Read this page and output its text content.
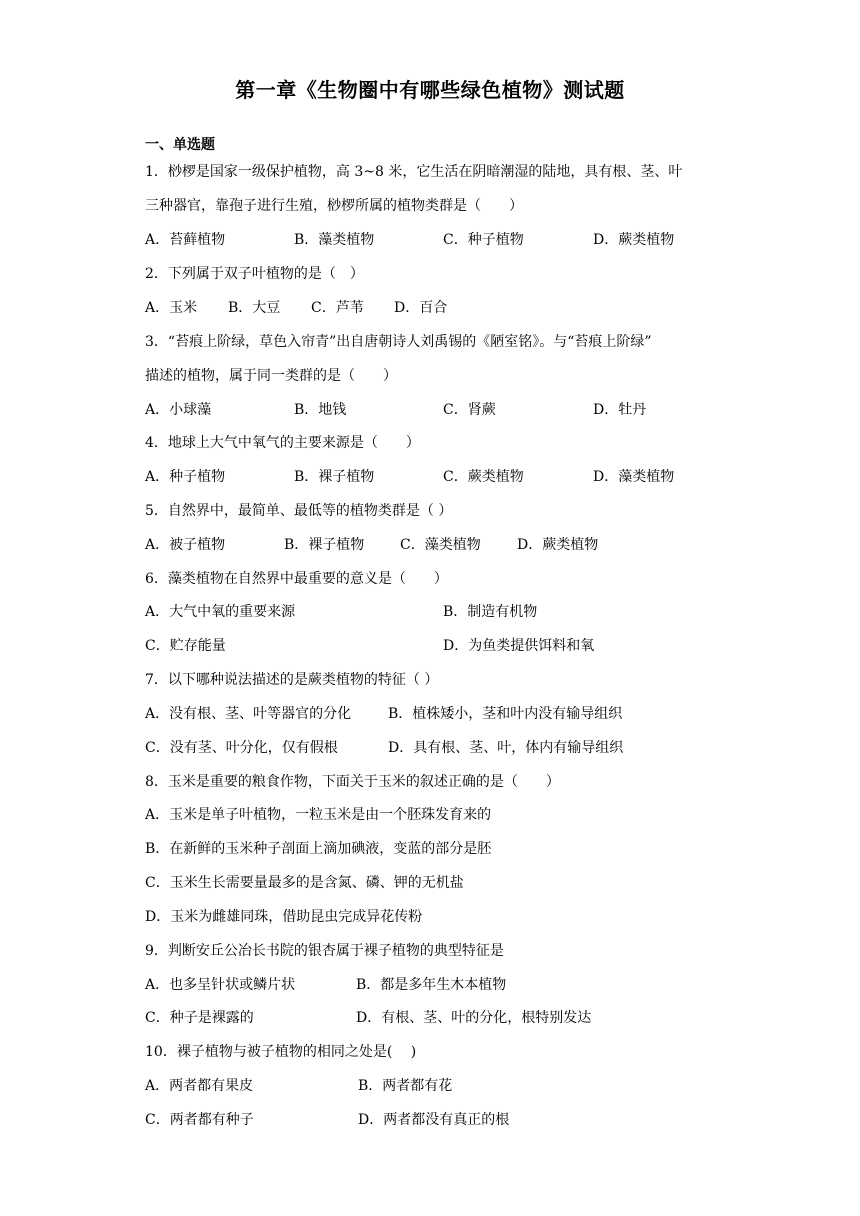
第一章《生物圈中有哪些绿色植物》测试题
一、单选题
1．桫椤是国家一级保护植物，高 3~8 米，它生活在阴暗潮湿的陆地，具有根、茎、叶
三种器官，靠孢子进行生殖，桫椤所属的植物类群是（　　）
A．苔藓植物	B．藻类植物	C．种子植物	D．蕨类植物
2．下列属于双子叶植物的是（　）
A．玉米 B．大豆 C．芦苇 D．百合
3．“苔痕上阶绿，草色入帘青”出自唐朝诗人刘禹锡的《陋室铭》。与“苔痕上阶绿”
描述的植物，属于同一类群的是（　　）
A．小球藻	B．地钱	C．肾蕨	D．牡丹
4．地球上大气中氧气的主要来源是（　　）
A．种子植物	B．裸子植物	C．蕨类植物	D．藻类植物
5．自然界中，最简单、最低等的植物类群是（ ）
A．被子植物	B．裸子植物	C．藻类植物	D．蕨类植物
6．藻类植物在自然界中最重要的意义是（　　）
A．大气中氧的重要来源	B．制造有机物
C．贮存能量	D．为鱼类提供饵料和氧
7．以下哪种说法描述的是蕨类植物的特征（ ）
A．没有根、茎、叶等器官的分化	B．植株矮小，茎和叶内没有输导组织
C．没有茎、叶分化，仅有假根	D．具有根、茎、叶，体内有输导组织
8．玉米是重要的粮食作物，下面关于玉米的叙述正确的是（　　）
A．玉米是单子叶植物，一粒玉米是由一个胚珠发育来的
B．在新鲜的玉米种子剖面上滴加碘液，变蓝的部分是胚
C．玉米生长需要量最多的是含氮、磷、钾的无机盐
D．玉米为雌雄同珠，借助昆虫完成异花传粉
9．判断安丘公冶长书院的银杏属于裸子植物的典型特征是
A．也多呈针状或鳞片状	B．都是多年生木本植物
C．种子是裸露的	D．有根、茎、叶的分化，根特别发达
10．裸子植物与被子植物的相同之处是(　 )
A．两者都有果皮	B．两者都有花
C．两者都有种子	D．两者都没有真正的根
